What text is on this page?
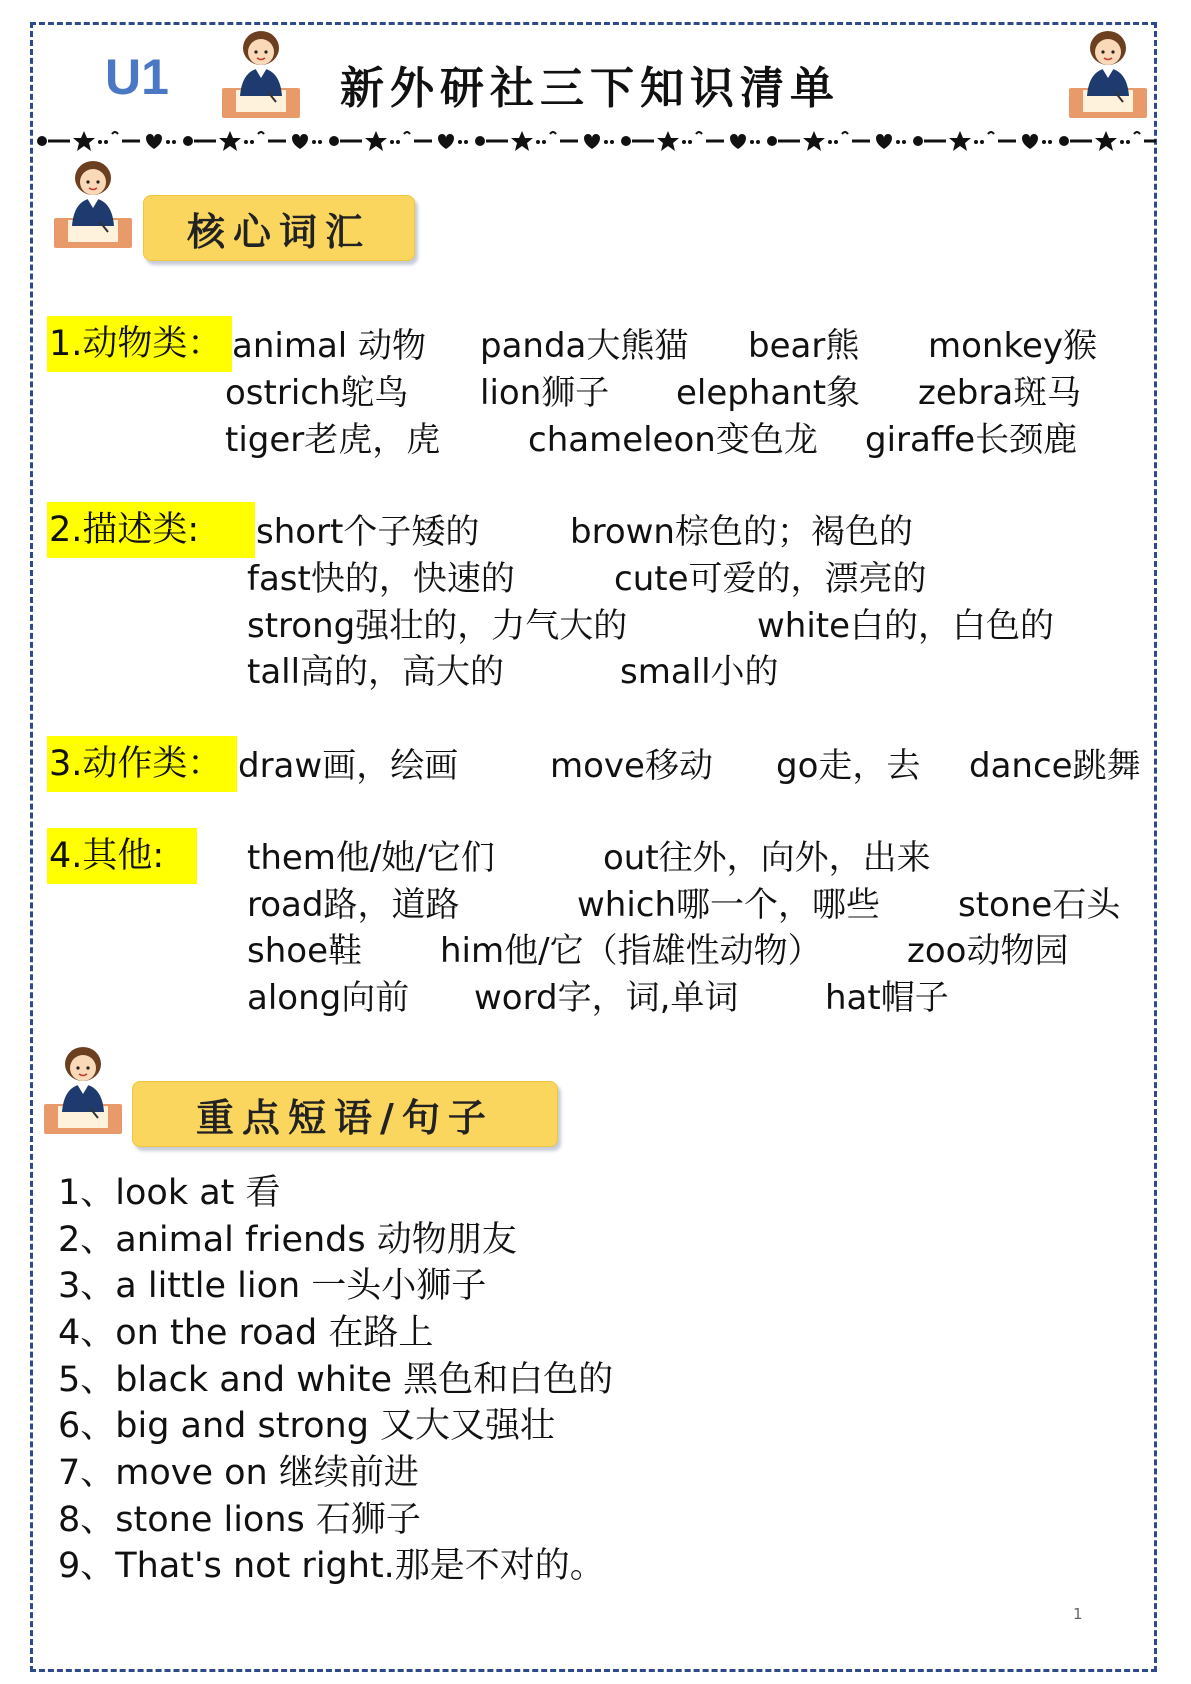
U1	新外研社三下知识清单
核心词汇
1.动物类： animal 动物 panda大熊猫 bear熊 monkey猴
ostrich鸵鸟 lion狮子 elephant象 zebra斑马
tiger老虎，虎	chameleon变色龙 giraffe长颈鹿
2.描述类:	short个子矮的	brown棕色的；褐色的
fast快的，快速的	cute可爱的，漂亮的
strong强壮的，力气大的	white白的，白色的
tall高的，高大的	small小的
3.动作类： draw画，绘画	move移动 go走，去 dance跳舞
4.其他:	them他/她/它们	out往外，向外，出来
road路，道路	which哪一个，哪些 stone石头
shoe鞋 him他/它（指雄性动物）	zoo动物园
along向前 word字，词,单词	hat帽子
重点短语/句子
1、look at 看
2、animal friends 动物朋友
3、a little lion 一头小狮子
4、on the road 在路上
5、black and white 黑色和白色的
6、big and strong 又大又强壮
7、move on 继续前进
8、stone lions 石狮子
9、That's not right.那是不对的。
1
